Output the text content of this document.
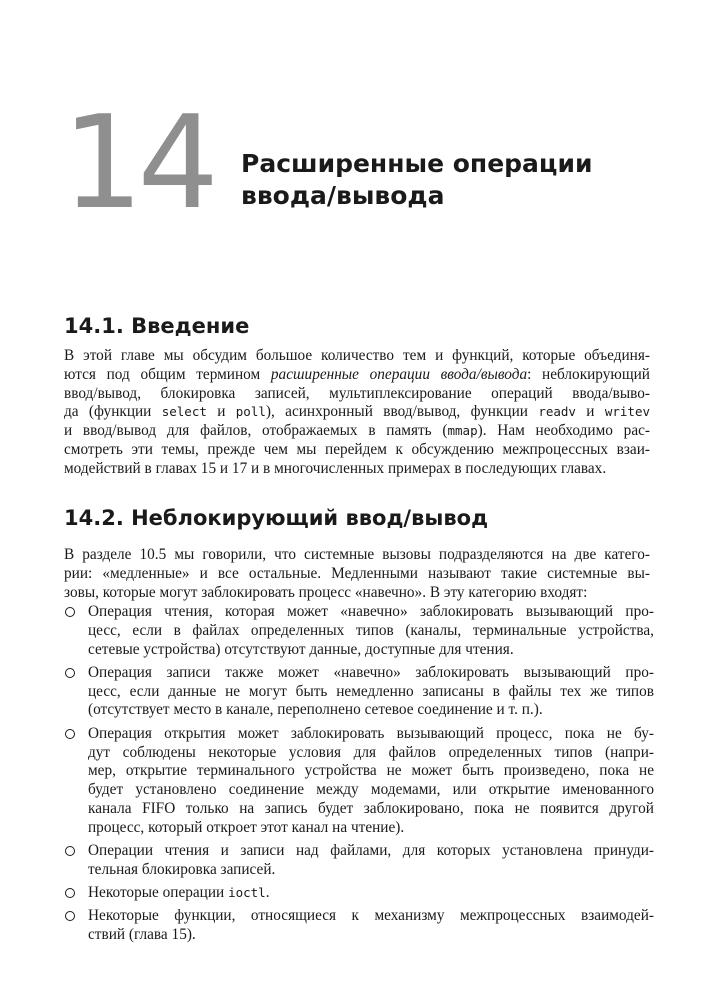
14 Расширенные операции
ввода/вывода
14.1. Введение
В этой главе мы обсудим большое количество тем и функций, которые объединя-
ются под общим термином расширенные операции ввода/вывода: неблокирующий
ввод/вывод, блокировка записей, мультиплексирование операций ввода/выво-
да (функции select и poll), асинхронный ввод/вывод, функции readv и writev
и ввод/вывод для файлов, отображаемых в память (mmap). Нам необходимо рас-
смотреть эти темы, прежде чем мы перейдем к обсуждению межпроцессных взаи-
модействий в главах 15 и 17 и в многочисленных примерах в последующих главах.
14.2. Неблокирующий ввод/вывод
В разделе 10.5 мы говорили, что системные вызовы подразделяются на две катего-
рии: «медленные» и все остальные. Медленными называют такие системные вы-
зовы, которые могут заблокировать процесс «навечно». В эту категорию входят:
Операция чтения, которая может «навечно» заблокировать вызывающий про-
цесс, если в файлах определенных типов (каналы, терминальные устройства,
сетевые устройства) отсутствуют данные, доступные для чтения.
Операция записи также может «навечно» заблокировать вызывающий про-
цесс, если данные не могут быть немедленно записаны в файлы тех же типов
(отсутствует место в канале, переполнено сетевое соединение и т. п.).
Операция открытия может заблокировать вызывающий процесс, пока не бу-
дут соблюдены некоторые условия для файлов определенных типов (напри-
мер, открытие терминального устройства не может быть произведено, пока не
будет установлено соединение между модемами, или открытие именованного
канала FIFO только на запись будет заблокировано, пока не появится другой
процесс, который откроет этот канал на чтение).
Операции чтения и записи над файлами, для которых установлена принуди-
тельная блокировка записей.
Некоторые операции ioctl.
Некоторые функции, относящиеся к механизму межпроцессных взаимодей-
ствий (глава 15).
